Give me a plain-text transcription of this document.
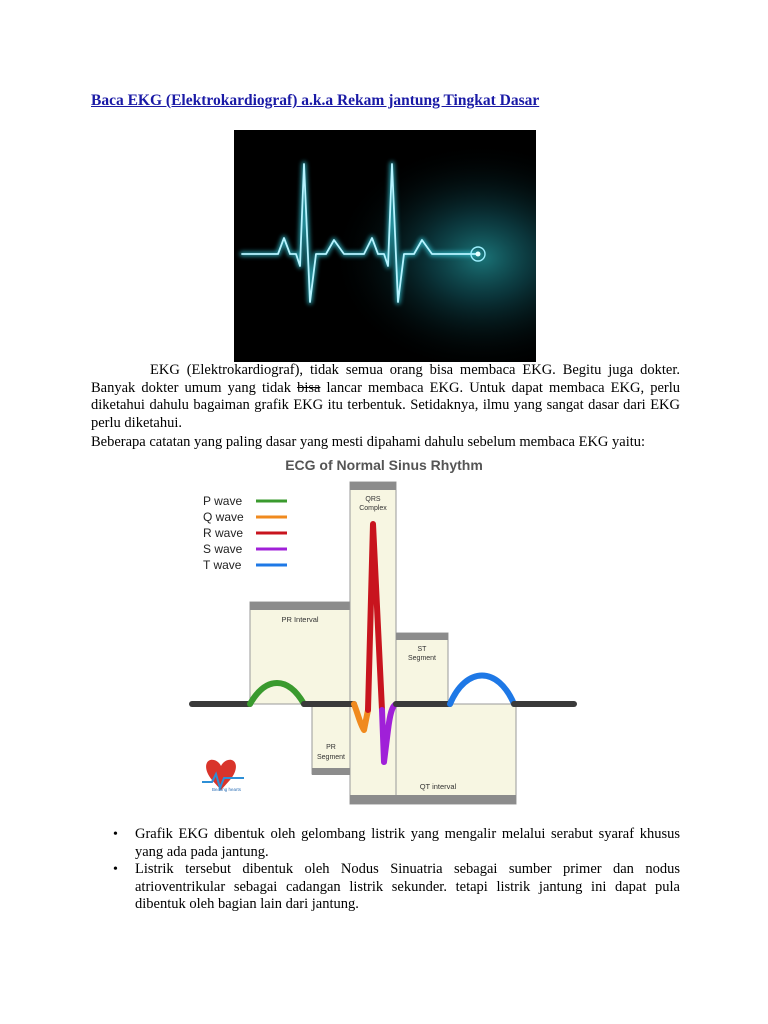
Baca EKG (Elektrokardiograf) a.k.a Rekam jantung Tingkat Dasar
EKG (Elektrokardiograf), tidak semua orang bisa membaca EKG. Begitu juga dokter. Banyak dokter umum yang tidak bisa lancar membaca EKG. Untuk dapat membaca EKG, perlu diketahui dahulu bagaiman grafik EKG itu terbentuk. Setidaknya, ilmu yang sangat dasar dari EKG perlu diketahui.
Beberapa catatan yang paling dasar yang mesti dipahami dahulu sebelum membaca EKG yaitu:
ECG of Normal Sinus Rhythm
P wave
Q wave
R wave
S wave
T wave
PR Interval
QRS
Complex
ST
Segment
PR
Segment
QT interval
Beating hearts
• Grafik EKG dibentuk oleh gelombang listrik yang mengalir melalui serabut syaraf khusus yang ada pada jantung.
• Listrik tersebut dibentuk oleh Nodus Sinuatria sebagai sumber primer dan nodus atrioventrikular sebagai cadangan listrik sekunder. tetapi listrik jantung ini dapat pula dibentuk oleh bagian lain dari jantung.
